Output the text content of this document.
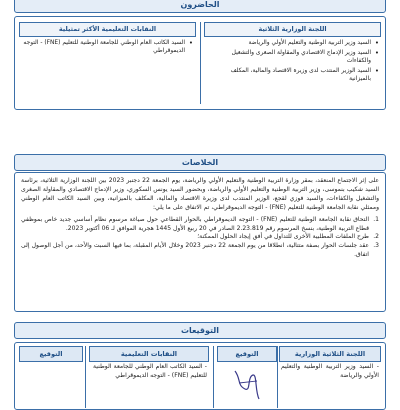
الحاضرون
اللجنة الوزارية الثلاثية
النقابات التعليمية الأكثر تمثيلية
• السيد وزير التربية الوطنية والتعليم الأولي والرياضة
• السيد وزير الإدماج الاقتصادي والمقاولة الصغرى والتشغيل والكفاءات
• السيد الوزير المنتدب لدى وزيرة الاقتصاد والمالية، المكلف بالميزانية
• السيد الكاتب العام الوطني للجامعة الوطنية للتعليم (FNE) - التوجه الديموقراطي
الخلاصات

على إثر الاجتماع المنعقد، بمقر وزارة التربية الوطنية والتعليم الأولي والرياضة، يوم الجمعة 22 دجنبر 2023 بين اللجنة الوزارية الثلاثية، برئاسة السيد شكيب بنموسى، وزير التربية الوطنية والتعليم الأولي والرياضة، وبحضور السيد يونس السكوري، وزير الإدماج الاقتصادي والمقاولة الصغرى والتشغيل والكفاءات، والسيد فوزي لقجع، الوزير المنتدب لدى وزيرة الاقتصاد والمالية، المكلف بالميزانية، وبين السيد الكاتب العام الوطني وممثلي نقابة الجامعة الوطنية للتعليم (FNE) - التوجه الديموقراطي، تم الاتفاق على ما يلي:

1.
التحاق نقابة الجامعة الوطنية للتعليم (FNE) - التوجه الديموقراطي بالحوار القطاعي حول صياغة مرسوم نظام أساسي جديد خاص بموظفي قطاع التربية الوطنية، بنسخ المرسوم رقم 2.23.819 الصادر في 20 ربيع الأول 1445 هجرية الموافق لـ 06 أكتوبر 2023.
2.
طرح الملفات المطلبية الأخرى للتداول في أفق إيجاد الحلول الممكنة؛
3.
عقد جلسات الحوار بصفة متتالية، انطلاقا من يوم الجمعة 22 دجنبر 2023 وخلال الأيام المقبلة، بما فيها السبت والأحد، من أجل الوصول إلى اتفاق.
التوقيعات
اللجنة الثلاثية الوزارية
التوقيع
النقابات التعليمية
التوقيع
- السيد وزير التربية الوطنية والتعليم الأولي والرياضة
- السيد الكاتب العام الوطني للجامعة الوطنية للتعليم (FNE) - التوجه الديموقراطي
